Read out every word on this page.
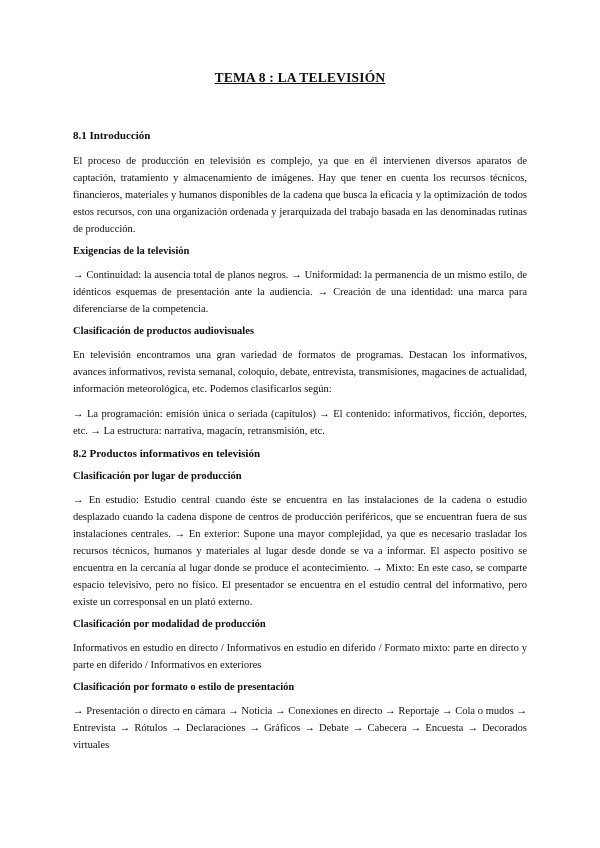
TEMA 8 : LA TELEVISIÓN
8.1 Introducción
El proceso de producción en televisión es complejo, ya que en él intervienen diversos aparatos de captación, tratamiento y almacenamiento de imágenes. Hay que tener en cuenta los recursos técnicos, financieros, materiales y humanos disponibles de la cadena que busca la eficacia y la optimización de todos estos recursos, con una organización ordenada y jerarquizada del trabajo basada en las denominadas rutinas de producción.
Exigencias de la televisión
→ Continuidad: la ausencia total de planos negros. → Uniformidad: la permanencia de un mismo estilo, de idénticos esquemas de presentación ante la audiencia. → Creación de una identidad: una marca para diferenciarse de la competencia.
Clasificación de productos audiovisuales
En televisión encontramos una gran variedad de formatos de programas. Destacan los informativos, avances informativos, revista semanal, coloquio, debate, entrevista, transmisiones, magacines de actualidad, información meteorológica, etc. Podemos clasificarlos según:
→ La programación: emisión única o seriada (capítulos) → El contenido: informativos, ficción, deportes, etc. → La estructura: narrativa, magacín, retransmisión, etc.
8.2 Productos informativos en televisión
Clasificación por lugar de producción
→ En estudio: Estudio central cuando éste se encuentra en las instalaciones de la cadena o estudio desplazado cuando la cadena dispone de centros de producción periféricos, que se encuentran fuera de sus instalaciones centrales. → En exterior: Supone una mayor complejidad, ya que es necesario trasladar los recursos técnicos, humanos y materiales al lugar desde donde se va a informar. El aspecto positivo se encuentra en la cercanía al lugar donde se produce el acontecimiento. → Mixto: En este caso, se comparte espacio televisivo, pero no físico. El presentador se encuentra en el estudio central del informativo, pero existe un corresponsal en un plató externo.
Clasificación por modalidad de producción
Informativos en estudio en directo / Informativos en estudio en diferido / Formato mixto: parte en directo y parte en diferido / Informativos en exteriores
Clasificación por formato o estilo de presentación
→ Presentación o directo en cámara → Noticia → Conexiones en directo → Reportaje → Cola o mudos → Entrevista → Rótulos → Declaraciones → Gráficos → Debate → Cabecera → Encuesta → Decorados virtuales
